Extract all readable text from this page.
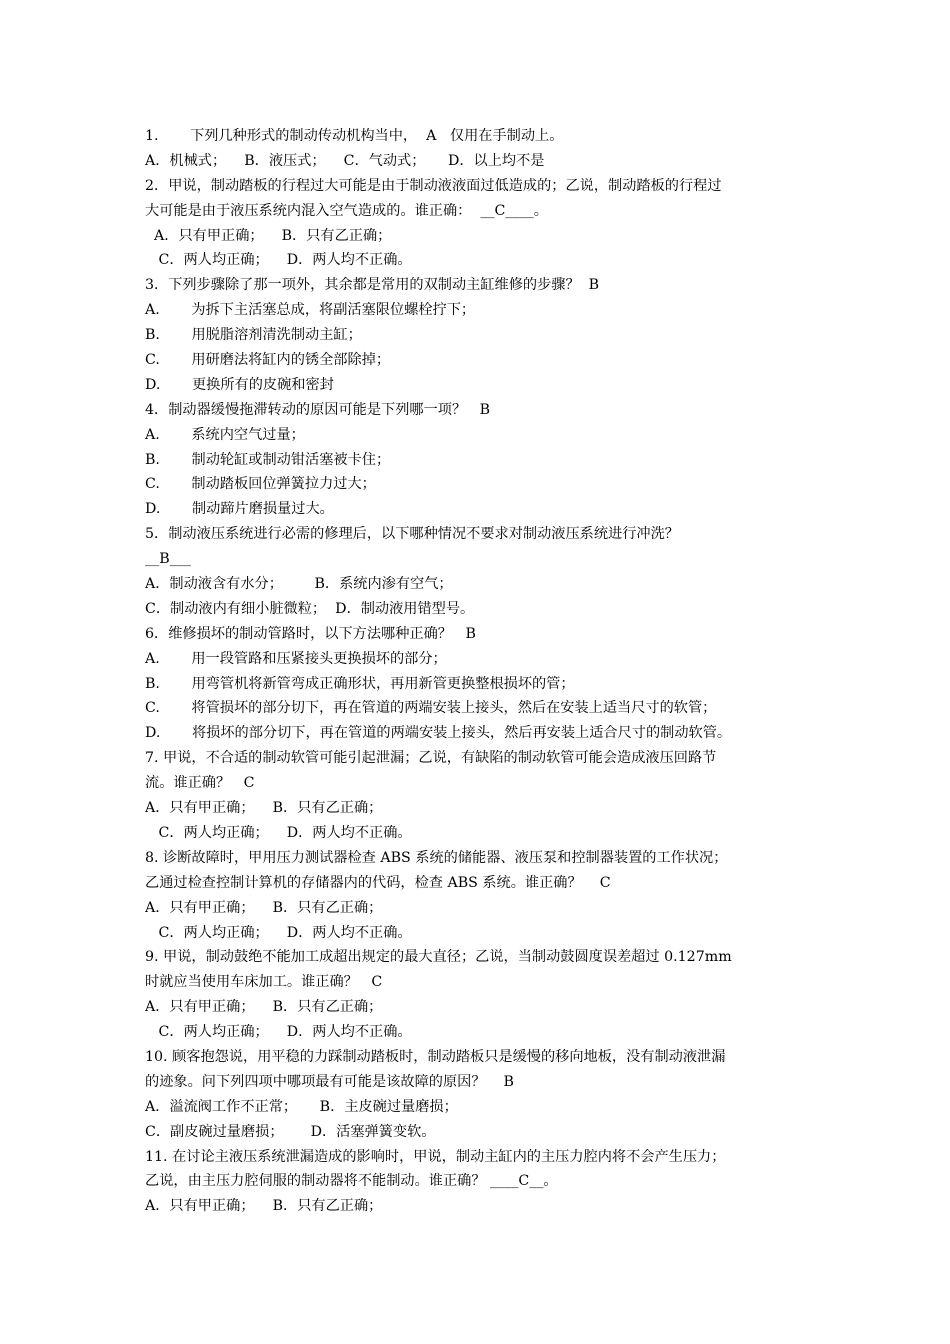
1.       下列几种形式的制动传动机构当中，  A   仅用在手制动上。
A．机械式；    B．液压式；    C．气动式；     D．以上均不是
2．甲说，制动踏板的行程过大可能是由于制动液液面过低造成的；乙说，制动踏板的行程过
大可能是由于液压系统内混入空气造成的。谁正确：  __C____。
A．只有甲正确；    B．只有乙正确；
C．两人均正确；    D．两人均不正确。
3．下列步骤除了那一项外，其余都是常用的双制动主缸维修的步骤？  B
A.       为拆下主活塞总成，将副活塞限位螺栓拧下；
B.       用脱脂溶剂清洗制动主缸；
C.       用研磨法将缸内的锈全部除掉；
D.       更换所有的皮碗和密封
4．制动器缓慢拖滞转动的原因可能是下列哪一项？   B
A.       系统内空气过量；
B.       制动轮缸或制动钳活塞被卡住；
C.       制动踏板回位弹簧拉力过大；
D.       制动蹄片磨损量过大。
5．制动液压系统进行必需的修理后，以下哪种情况不要求对制动液压系统进行冲洗？
__B___
A．制动液含有水分；       B．系统内渗有空气；
C．制动液内有细小脏微粒；  D．制动液用错型号。
6．维修损坏的制动管路时，以下方法哪种正确？   B
A.       用一段管路和压紧接头更换损坏的部分；
B.       用弯管机将新管弯成正确形状，再用新管更换整根损坏的管；
C.       将管损坏的部分切下，再在管道的两端安装上接头，然后在安装上适当尺寸的软管；
D.       将损坏的部分切下，再在管道的两端安装上接头，然后再安装上适合尺寸的制动软管。
7. 甲说，不合适的制动软管可能引起泄漏；乙说，有缺陷的制动软管可能会造成液压回路节
流。谁正确？   C
A．只有甲正确；    B．只有乙正确；
C．两人均正确；    D．两人均不正确。
8. 诊断故障时，甲用压力测试器检查 ABS 系统的储能器、液压泵和控制器装置的工作状况；
乙通过检查控制计算机的存储器内的代码，检查 ABS 系统。谁正确？    C
A．只有甲正确；    B．只有乙正确；
C．两人均正确；    D．两人均不正确。
9. 甲说，制动鼓绝不能加工成超出规定的最大直径；乙说，当制动鼓圆度误差超过 0.127mm
时就应当使用车床加工。谁正确？   C
A．只有甲正确；    B．只有乙正确；
C．两人均正确；    D．两人均不正确。
10. 顾客抱怨说，用平稳的力踩制动踏板时，制动踏板只是缓慢的移向地板，没有制动液泄漏
的迹象。问下列四项中哪项最有可能是该故障的原因？    B
A．溢流阀工作不正常；     B．主皮碗过量磨损；
C．副皮碗过量磨损；      D．活塞弹簧变软。
11. 在讨论主液压系统泄漏造成的影响时，甲说，制动主缸内的主压力腔内将不会产生压力；
乙说，由主压力腔伺服的制动器将不能制动。谁正确？ ____C__。
A．只有甲正确；    B．只有乙正确；
